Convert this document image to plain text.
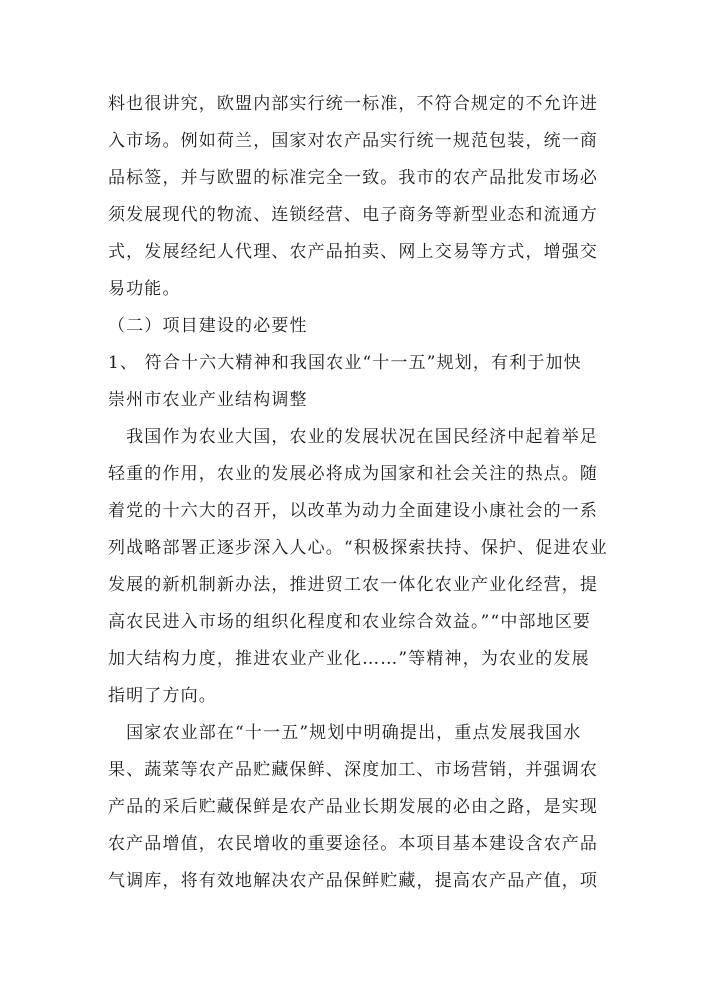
料也很讲究，欧盟内部实行统一标准，不符合规定的不允许进
入市场。例如荷兰，国家对农产品实行统一规范包装，统一商
品标签，并与欧盟的标准完全一致。我市的农产品批发市场必
须发展现代的物流、连锁经营、电子商务等新型业态和流通方
式，发展经纪人代理、农产品拍卖、网上交易等方式，增强交
易功能。
（二）项目建设的必要性
1、 符合十六大精神和我国农业“十一五”规划，有利于加快
崇州市农业产业结构调整
　我国作为农业大国，农业的发展状况在国民经济中起着举足
轻重的作用，农业的发展必将成为国家和社会关注的热点。随
着党的十六大的召开，以改革为动力全面建设小康社会的一系
列战略部署正逐步深入人心。“积极探索扶持、保护、促进农业
发展的新机制新办法，推进贸工农一体化农业产业化经营，提
高农民进入市场的组织化程度和农业综合效益。”“中部地区要
加大结构力度，推进农业产业化……”等精神，为农业的发展
指明了方向。
　国家农业部在“十一五”规划中明确提出，重点发展我国水
果、蔬菜等农产品贮藏保鲜、深度加工、市场营销，并强调农
产品的采后贮藏保鲜是农产品业长期发展的必由之路，是实现
农产品增值，农民增收的重要途径。本项目基本建设含农产品
气调库，将有效地解决农产品保鲜贮藏，提高农产品产值，项
